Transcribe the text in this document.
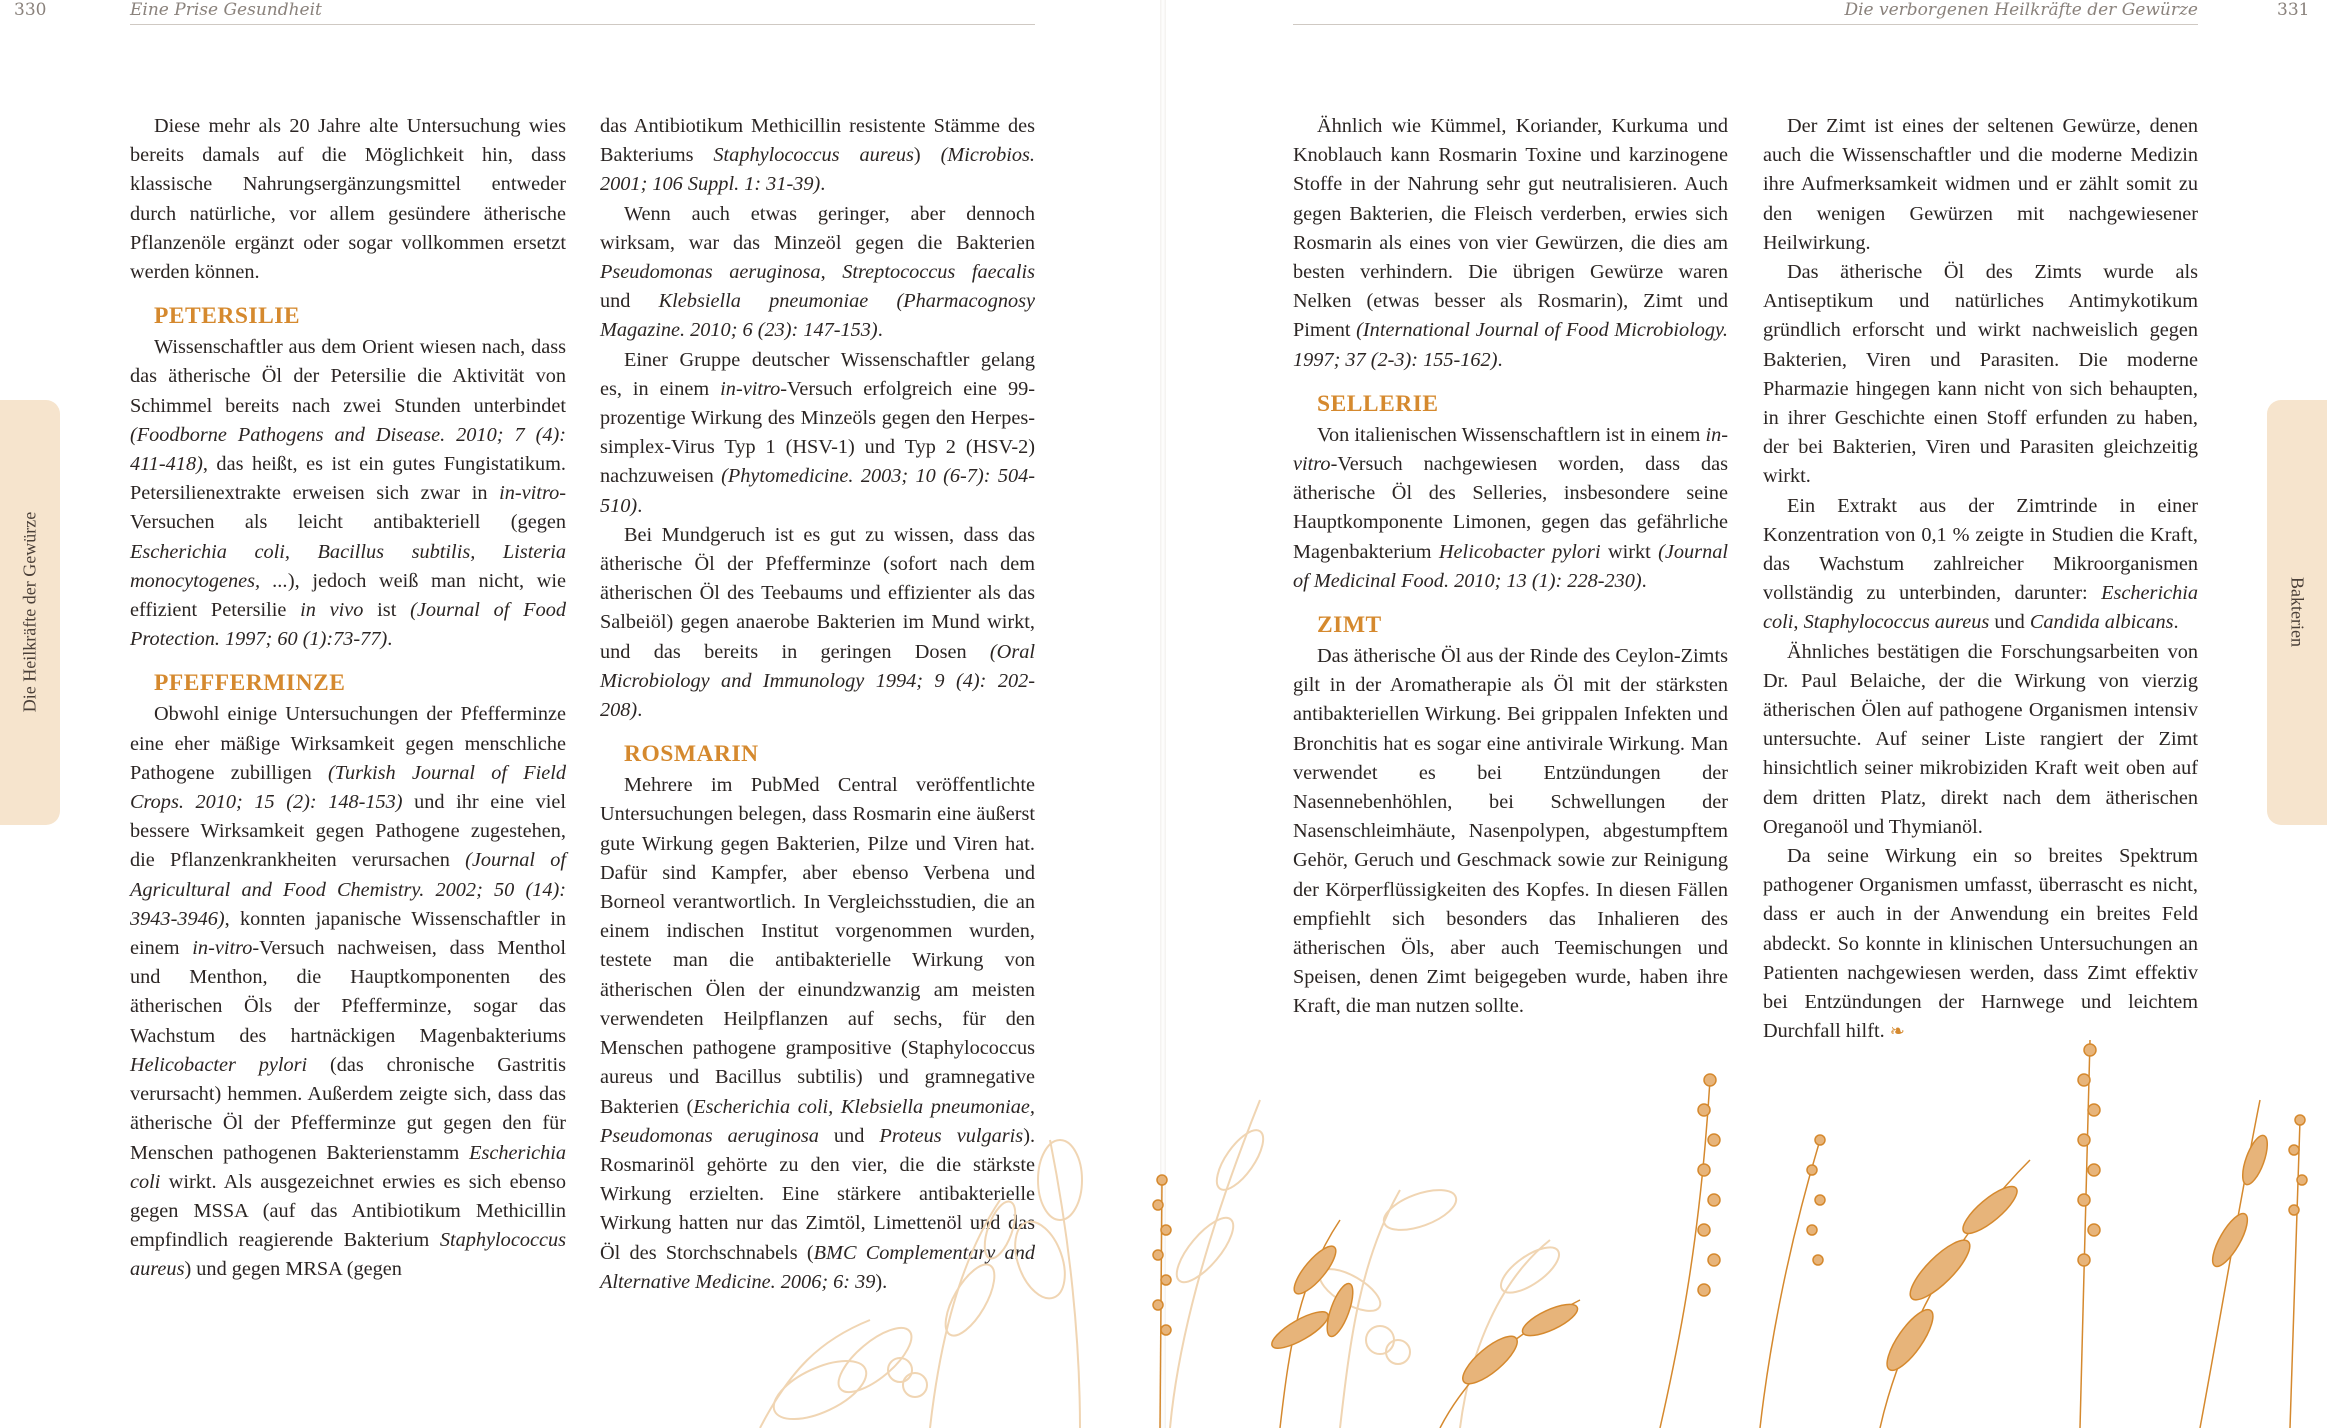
330	Eine Prise Gesundheit
Die Heilkräfte der Gewürze

Diese mehr als 20 Jahre alte Untersuchung wies bereits damals auf die Möglichkeit hin, dass klassische Nahrungsergänzungsmittel entweder durch natürliche, vor allem gesündere ätherische Pflanzenöle ergänzt oder sogar vollkommen ersetzt werden können.

PETERSILIE

Wissenschaftler aus dem Orient wiesen nach, dass das ätherische Öl der Petersilie die Aktivität von Schimmel bereits nach zwei Stunden unterbindet (Foodborne Pathogens and Disease. 2010; 7 (4): 411-418), das heißt, es ist ein gutes Fungistatikum. Petersilienextrakte erweisen sich zwar in in-vitro-Versuchen als leicht antibakteriell (gegen Escherichia coli, Bacillus subtilis, Listeria monocytogenes, ...), jedoch weiß man nicht, wie effizient Petersilie in vivo ist (Journal of Food Protection. 1997; 60 (1):73-77).

PFEFFERMINZE

Obwohl einige Untersuchungen der Pfefferminze eine eher mäßige Wirksamkeit gegen menschliche Pathogene zubilligen (Turkish Journal of Field Crops. 2010; 15 (2): 148-153) und ihr eine viel bessere Wirksamkeit gegen Pathogene zugestehen, die Pflanzenkrankheiten verursachen (Journal of Agricultural and Food Chemistry. 2002; 50 (14): 3943-3946), konnten japanische Wissenschaftler in einem in-vitro-Versuch nachweisen, dass Menthol und Menthon, die Hauptkomponenten des ätherischen Öls der Pfefferminze, sogar das Wachstum des hartnäckigen Magenbakteriums Helicobacter pylori (das chronische Gastritis verursacht) hemmen. Außerdem zeigte sich, dass das ätherische Öl der Pfefferminze gut gegen den für Menschen pathogenen Bakterienstamm Escherichia coli wirkt. Als ausgezeichnet erwies es sich ebenso gegen MSSA (auf das Antibiotikum Methicillin empfindlich reagierende Bakterium Staphylococcus aureus) und gegen MRSA (gegen

das Antibiotikum Methicillin resistente Stämme des Bakteriums Staphylococcus aureus) (Microbios. 2001; 106 Suppl. 1: 31-39).

Wenn auch etwas geringer, aber dennoch wirksam, war das Minzeöl gegen die Bakterien Pseudomonas aeruginosa, Streptococcus faecalis und Klebsiella pneumoniae (Pharmacognosy Magazine. 2010; 6 (23): 147-153).

Einer Gruppe deutscher Wissenschaftler gelang es, in einem in-vitro-Versuch erfolgreich eine 99-prozentige Wirkung des Minzeöls gegen den Herpes-simplex-Virus Typ 1 (HSV-1) und Typ 2 (HSV-2) nachzuweisen (Phytomedicine. 2003; 10 (6-7): 504-510).

Bei Mundgeruch ist es gut zu wissen, dass das ätherische Öl der Pfefferminze (sofort nach dem ätherischen Öl des Teebaums und effizienter als das Salbeiöl) gegen anaerobe Bakterien im Mund wirkt, und das bereits in geringen Dosen (Oral Microbiology and Immunology 1994; 9 (4): 202-208).

ROSMARIN

Mehrere im PubMed Central veröffentlichte Untersuchungen belegen, dass Rosmarin eine äußerst gute Wirkung gegen Bakterien, Pilze und Viren hat. Dafür sind Kampfer, aber ebenso Verbena und Borneol verantwortlich. In Vergleichsstudien, die an einem indischen Institut vorgenommen wurden, testete man die antibakterielle Wirkung von ätherischen Ölen der einundzwanzig am meisten verwendeten Heilpflanzen auf sechs, für den Menschen pathogene grampositive (Staphylococcus aureus und Bacillus subtilis) und gramnegative Bakterien (Escherichia coli, Klebsiella pneumoniae, Pseudomonas aeruginosa und Proteus vulgaris). Rosmarinöl gehörte zu den vier, die die stärkste Wirkung erzielten. Eine stärkere antibakterielle Wirkung hatten nur das Zimtöl, Limettenöl und das Öl des Storchschnabels (BMC Complementary and Alternative Medicine. 2006; 6: 39).

Die verborgenen Heilkräfte der Gewürze	331

Ähnlich wie Kümmel, Koriander, Kurkuma und Knoblauch kann Rosmarin Toxine und karzinogene Stoffe in der Nahrung sehr gut neutralisieren. Auch gegen Bakterien, die Fleisch verderben, erwies sich Rosmarin als eines von vier Gewürzen, die dies am besten verhindern. Die übrigen Gewürze waren Nelken (etwas besser als Rosmarin), Zimt und Piment (International Journal of Food Microbiology. 1997; 37 (2-3): 155-162).

SELLERIE

Von italienischen Wissenschaftlern ist in einem in-vitro-Versuch nachgewiesen worden, dass das ätherische Öl des Selleries, insbesondere seine Hauptkomponente Limonen, gegen das gefährliche Magenbakterium Helicobacter pylori wirkt (Journal of Medicinal Food. 2010; 13 (1): 228-230).

ZIMT

Das ätherische Öl aus der Rinde des Ceylon-Zimts gilt in der Aromatherapie als Öl mit der stärksten antibakteriellen Wirkung. Bei grippalen Infekten und Bronchitis hat es sogar eine antivirale Wirkung. Man verwendet es bei Entzündungen der Nasennebenhöhlen, bei Schwellungen der Nasenschleimhäute, Nasenpolypen, abgestumpftem Gehör, Geruch und Geschmack sowie zur Reinigung der Körperflüssigkeiten des Kopfes. In diesen Fällen empfiehlt sich besonders das Inhalieren des ätherischen Öls, aber auch Teemischungen und Speisen, denen Zimt beigegeben wurde, haben ihre Kraft, die man nutzen sollte.

Der Zimt ist eines der seltenen Gewürze, denen auch die Wissenschaftler und die moderne Medizin ihre Aufmerksamkeit widmen und er zählt somit zu den wenigen Gewürzen mit nachgewiesener Heilwirkung.

Das ätherische Öl des Zimts wurde als Antiseptikum und natürliches Antimykotikum gründlich erforscht und wirkt nachweislich gegen Bakterien, Viren und Parasiten. Die moderne Pharmazie hingegen kann nicht von sich behaupten, in ihrer Geschichte einen Stoff erfunden zu haben, der bei Bakterien, Viren und Parasiten gleichzeitig wirkt.

Ein Extrakt aus der Zimtrinde in einer Konzentration von 0,1 % zeigte in Studien die Kraft, das Wachstum zahlreicher Mikroorganismen vollständig zu unterbinden, darunter: Escherichia coli, Staphylococcus aureus und Candida albicans.

Ähnliches bestätigen die Forschungsarbeiten von Dr. Paul Belaiche, der die Wirkung von vierzig ätherischen Ölen auf pathogene Organismen intensiv untersuchte. Auf seiner Liste rangiert der Zimt hinsichtlich seiner mikrobiziden Kraft weit oben auf dem dritten Platz, direkt nach dem ätherischen Oreganoöl und Thymianöl.

Da seine Wirkung ein so breites Spektrum pathogener Organismen umfasst, überrascht es nicht, dass er auch in der Anwendung ein breites Feld abdeckt. So konnte in klinischen Untersuchungen an Patienten nachgewiesen werden, dass Zimt effektiv bei Entzündungen der Harnwege und leichtem Durchfall hilft. ❧

Bakterien
